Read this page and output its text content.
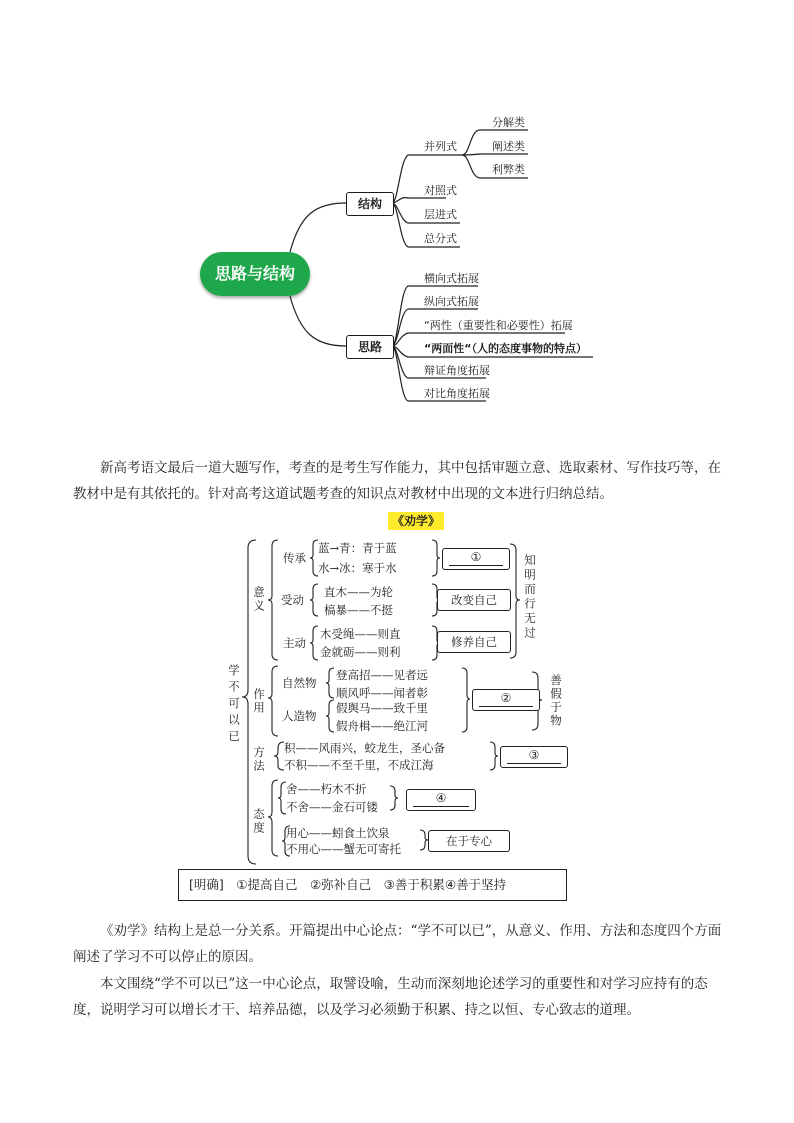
思路与结构
结构
思路
并列式
对照式
层进式
总分式
分解类
阐述类
利弊类
横向式拓展
纵向式拓展
“两性（重要性和必要性）拓展
“两面性“（人的态度事物的特点）
辩证角度拓展
对比角度拓展
新高考语文最后一道大题写作，考查的是考生写作能力，其中包括审题立意、选取素材、写作技巧等，在教材中是有其依托的。针对高考这道试题考查的知识点对教材中出现的文本进行归纳总结。
《劝学》
学不可以已
意义
作用
方法
态度
传承
蓝→青：青于蓝
水→冰：寒于水
受动
直木——为轮
槁暴——不挺
主动
木受绳——则直
金就砺——则利
①
改变自己
修养自己
知明而行无过
自然物
登高招——见者远
顺风呼——闻者彰
人造物
假舆马——致千里
假舟楫——绝江河
②	善假于物
积——风雨兴，蛟龙生，圣心备
不积——不至千里，不成江海
③
舍——朽木不折
不舍——金石可镂
用心——蚓食土饮泉
不用心——蟹无可寄托
④
在于专心
[明确]　①提高自己　②弥补自己　③善于积累④善于坚持
《劝学》结构上是总一分关系。开篇提出中心论点：“学不可以已”，从意义、作用、方法和态度四个方面阐述了学习不可以停止的原因。
本文围绕“学不可以已”这一中心论点，取譬设喻，生动而深刻地论述学习的重要性和对学习应持有的态度，说明学习可以增长才干、培养品德，以及学习必须勤于积累、持之以恒、专心致志的道理。
